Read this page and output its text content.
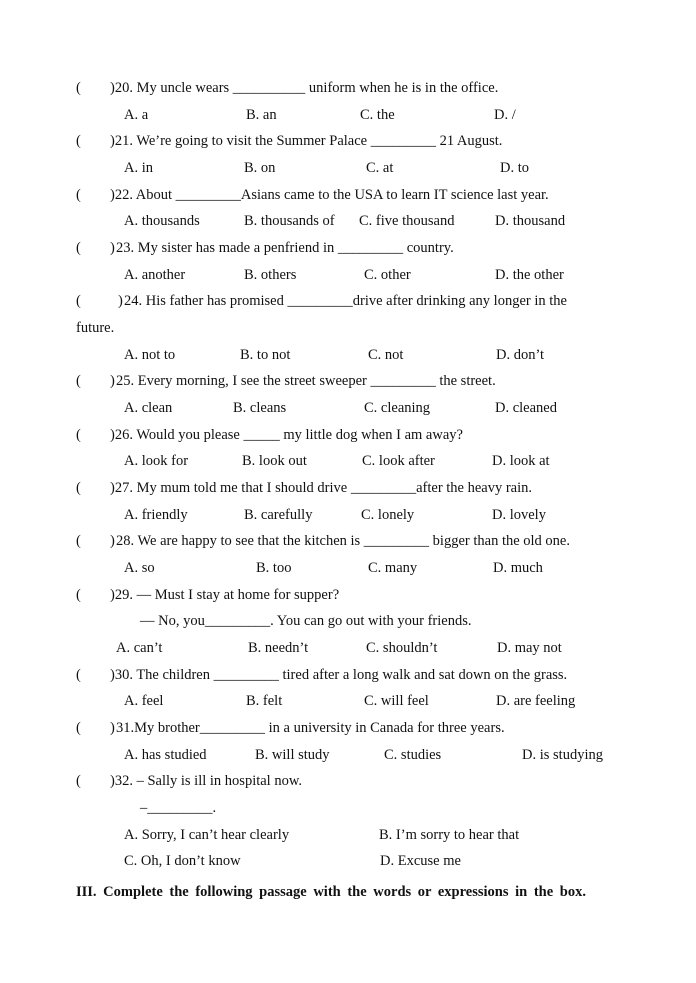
( )20. My uncle wears __________ uniform when he is in the office.
A. a	B. an	C. the	D. /
( )21. We’re going to visit the Summer Palace _________ 21 August.
A. in	B. on	C. at	D. to
( )22. About _________Asians came to the USA to learn IT science last year.
A. thousands	B. thousands of C. five thousand	D. thousand
( ) 23. My sister has made a penfriend in _________ country.
A. another	B. others	C. other	D. the other
(	) 24. His father has promised _________drive after drinking any longer in the
future.
A. not to	B. to not	C. not	D. don’t
( ) 25. Every morning, I see the street sweeper _________ the street.
A. clean	B. cleans	C. cleaning	D. cleaned
( )26. Would you please _____ my little dog when I am away?
A. look for	B. look out	C. look after	D. look at
( )27. My mum told me that I should drive _________after the heavy rain.
A. friendly	B. carefully	C. lonely	D. lovely
( ) 28. We are happy to see that the kitchen is _________ bigger than the old one.
A. so	B. too	C. many	D. much
( )29. — Must I stay at home for supper?
— No, you_________. You can go out with your friends.
A. can’t	B. needn’t	C. shouldn’t	D. may not
( )30. The children _________ tired after a long walk and sat down on the grass.
A. feel	B. felt	C. will feel	D. are feeling
( ) 31.My brother_________ in a university in Canada for three years.
A. has studied	B. will study	C. studies	D. is studying
( )32. – Sally is ill in hospital now.
–_________.
A. Sorry, I can’t hear clearly	B. I’m sorry to hear that
C. Oh, I don’t know	D. Excuse me
III. Complete the following passage with the words or expressions in the box.
